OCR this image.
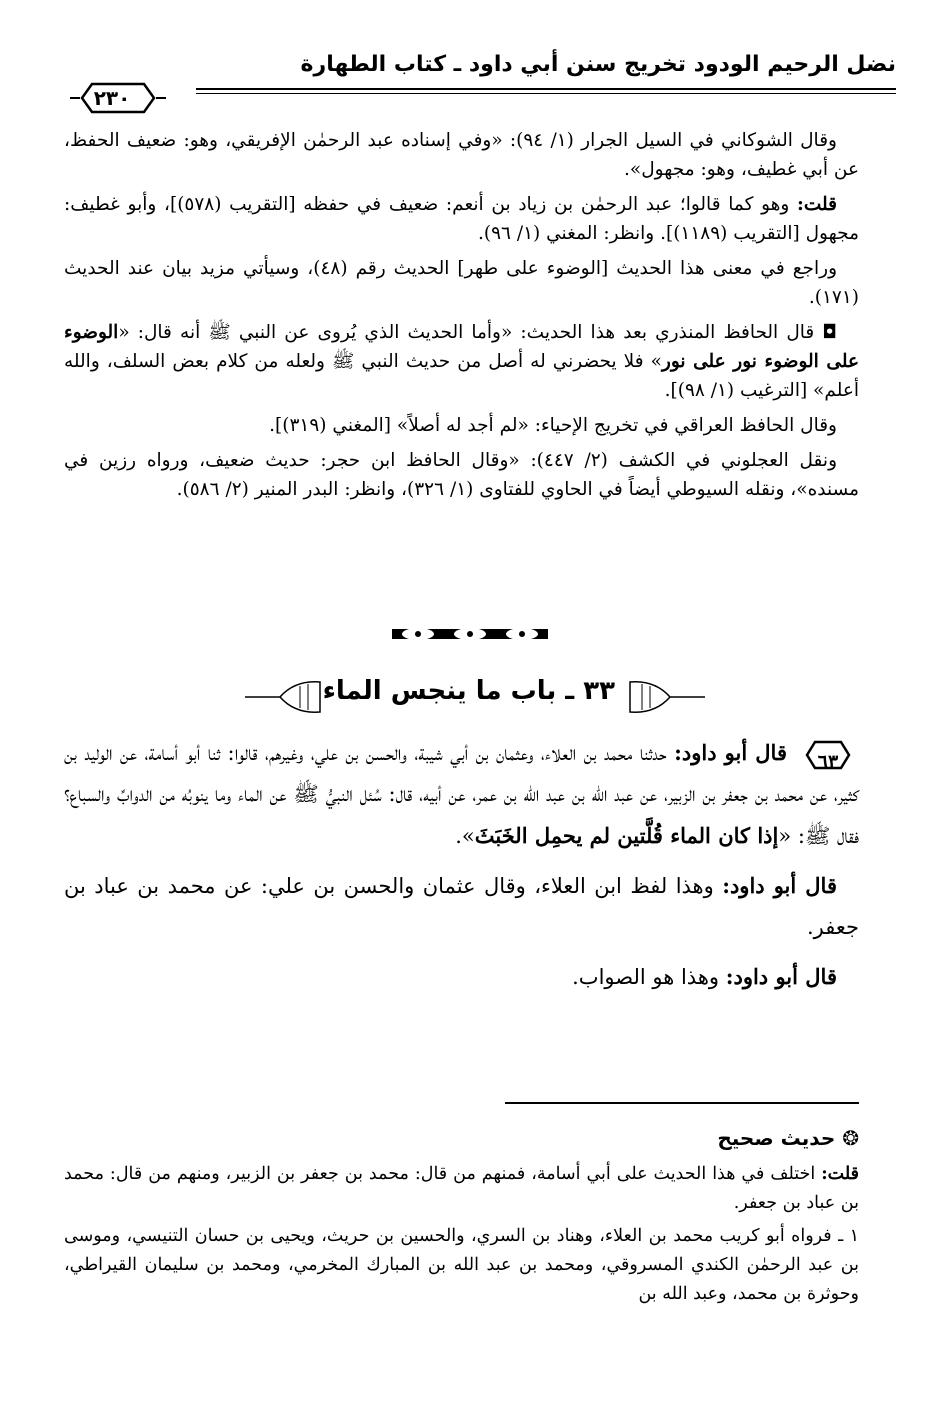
نضل الرحيم الودود تخريج سنن أبي داود ـ كتاب الطهارة
٢٣٠

وقال الشوكاني في السيل الجرار (١/ ٩٤): «وفي إسناده عبد الرحمٰن الإفريقي، وهو: ضعيف الحفظ، عن أبي غطيف، وهو: مجهول».

قلت: وهو كما قالوا؛ عبد الرحمٰن بن زياد بن أنعم: ضعيف في حفظه [التقريب (٥٧٨)]، وأبو غطيف: مجهول [التقريب (١١٨٩)]. وانظر: المغني (١/ ٩٦).

وراجع في معنى هذا الحديث [الوضوء على طهر] الحديث رقم (٤٨)، وسيأتي مزيد بيان عند الحديث (١٧١).

◘ قال الحافظ المنذري بعد هذا الحديث: «وأما الحديث الذي يُروى عن النبي ﷺ أنه قال: «الوضوء على الوضوء نور على نور» فلا يحضرني له أصل من حديث النبي ﷺ ولعله من كلام بعض السلف، والله أعلم» [الترغيب (١/ ٩٨)].

وقال الحافظ العراقي في تخريج الإحياء: «لم أجد له أصلاً» [المغني (٣١٩)].

ونقل العجلوني في الكشف (٢/ ٤٤٧): «وقال الحافظ ابن حجر: حديث ضعيف، ورواه رزين في مسنده»، ونقله السيوطي أيضاً في الحاوي للفتاوى (١/ ٣٢٦)، وانظر: البدر المنير (٢/ ٥٨٦).

٣٣ ـ باب ما ينجس الماء

٦٣
قال أبو داود: حدثنا محمد بن العلاء، وعثمان بن أبي شيبة، والحسن بن علي، وغيرهم، قالوا: ثنا أبو أسامة، عن الوليد بن كثير، عن محمد بن جعفر بن الزبير، عن عبد الله بن عبد الله بن عمر، عن أبيه، قال: سُئل النبيُّ ﷺ عن الماء وما ينوبُه من الدوابِّ والسباع؟ فقال ﷺ: «إذا كان الماء قُلَّتين لم يحمِل الخَبَثَ».

قال أبو داود: وهذا لفظ ابن العلاء، وقال عثمان والحسن بن علي: عن محمد بن عباد بن جعفر.

قال أبو داود: وهذا هو الصواب.

❂ حديث صحيح

قلت: اختلف في هذا الحديث على أبي أسامة، فمنهم من قال: محمد بن جعفر بن الزبير، ومنهم من قال: محمد بن عباد بن جعفر.

١ ـ فرواه أبو كريب محمد بن العلاء، وهناد بن السري، والحسين بن حريث، ويحيى بن حسان التنيسي، وموسى بن عبد الرحمٰن الكندي المسروقي، ومحمد بن عبد الله بن المبارك المخرمي، ومحمد بن سليمان القيراطي، وحوثرة بن محمد، وعبد الله بن
